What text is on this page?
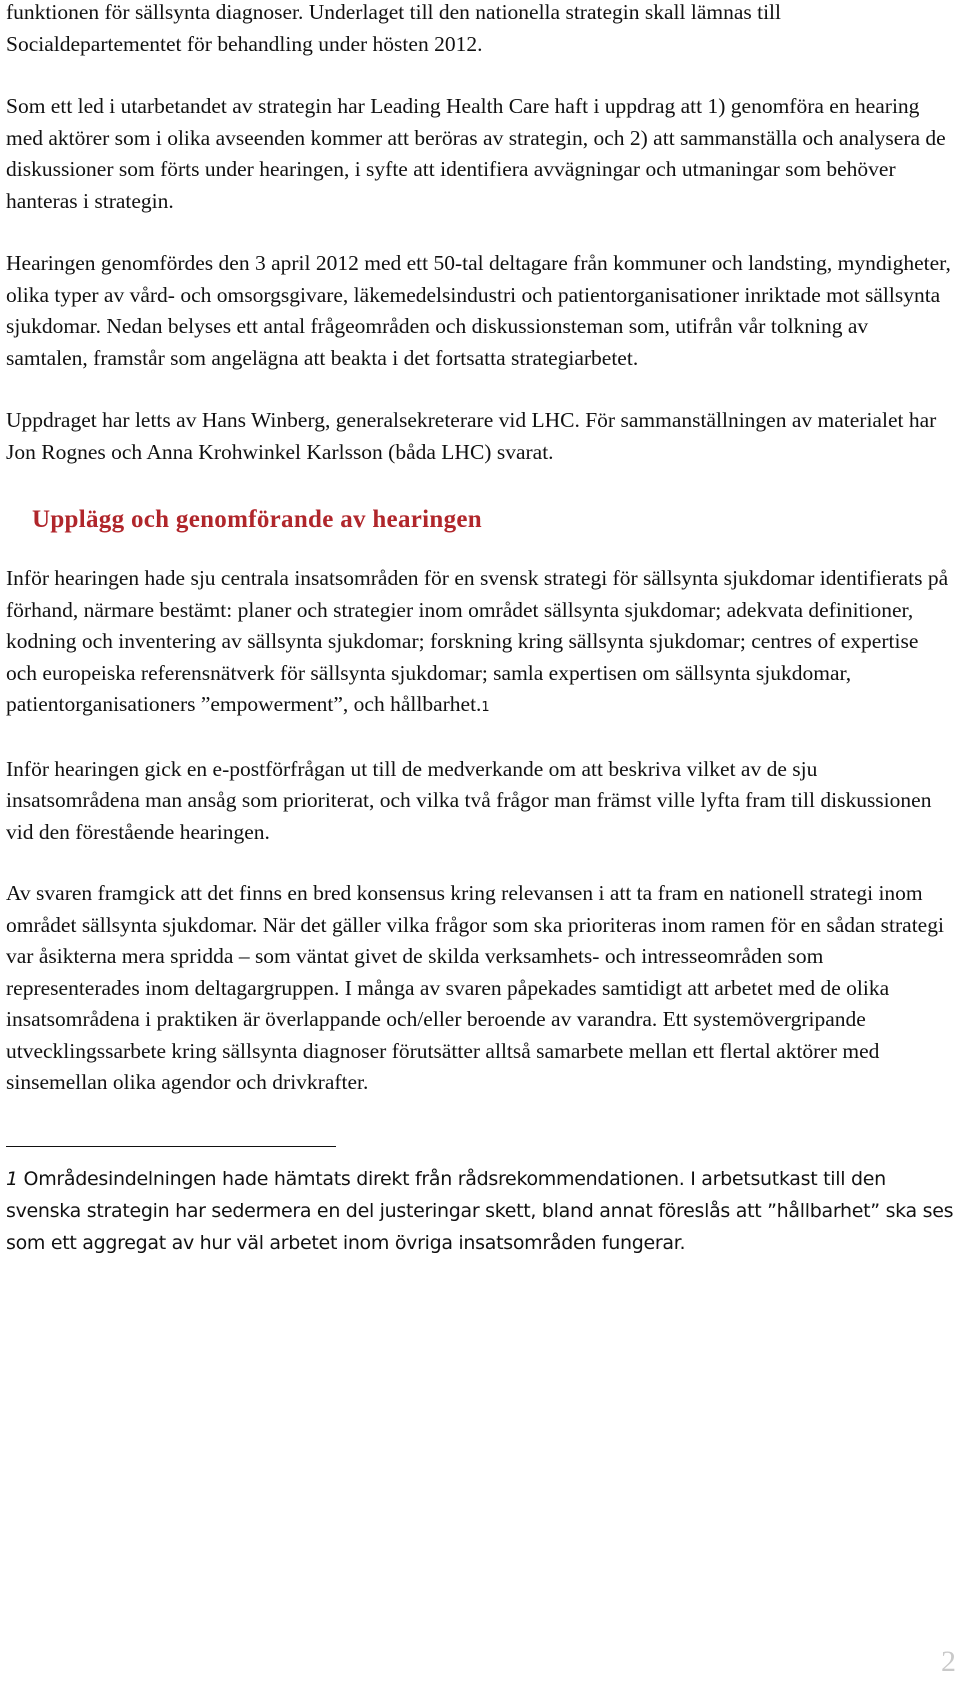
funktionen för sällsynta diagnoser. Underlaget till den nationella strategin skall lämnas till Socialdepartementet för behandling under hösten 2012.

Som ett led i utarbetandet av strategin har Leading Health Care haft i uppdrag att 1) genomföra en hearing med aktörer som i olika avseenden kommer att beröras av strategin, och 2) att sammanställa och analysera de diskussioner som förts under hearingen, i syfte att identifiera avvägningar och utmaningar som behöver hanteras i strategin.

Hearingen genomfördes den 3 april 2012 med ett 50-tal deltagare från kommuner och landsting, myndigheter, olika typer av vård- och omsorgsgivare, läkemedelsindustri och patientorganisationer inriktade mot sällsynta sjukdomar. Nedan belyses ett antal frågeområden och diskussionsteman som, utifrån vår tolkning av samtalen, framstår som angelägna att beakta i det fortsatta strategiarbetet.

Uppdraget har letts av Hans Winberg, generalsekreterare vid LHC. För sammanställningen av materialet har Jon Rognes och Anna Krohwinkel Karlsson (båda LHC) svarat.

Upplägg och genomförande av hearingen

Inför hearingen hade sju centrala insatsområden för en svensk strategi för sällsynta sjukdomar identifierats på förhand, närmare bestämt: planer och strategier inom området sällsynta sjukdomar; adekvata definitioner, kodning och inventering av sällsynta sjukdomar; forskning kring sällsynta sjukdomar; centres of expertise och europeiska referensnätverk för sällsynta sjukdomar; samla expertisen om sällsynta sjukdomar, patientorganisationers ”empowerment”, och hållbarhet.1

Inför hearingen gick en e-postförfrågan ut till de medverkande om att beskriva vilket av de sju insatsområdena man ansåg som prioriterat, och vilka två frågor man främst ville lyfta fram till diskussionen vid den förestående hearingen.

Av svaren framgick att det finns en bred konsensus kring relevansen i att ta fram en nationell strategi inom området sällsynta sjukdomar. När det gäller vilka frågor som ska prioriteras inom ramen för en sådan strategi var åsikterna mera spridda – som väntat givet de skilda verksamhets- och intresseområden som representerades inom deltagargruppen. I många av svaren påpekades samtidigt att arbetet med de olika insatsområdena i praktiken är överlappande och/eller beroende av varandra. Ett systemövergripande utvecklingssarbete kring sällsynta diagnoser förutsätter alltså samarbete mellan ett flertal aktörer med sinsemellan olika agendor och drivkrafter.

1 Områdesindelningen hade hämtats direkt från rådsrekommendationen. I arbetsutkast till den svenska strategin har sedermera en del justeringar skett, bland annat föreslås att ”hållbarhet” ska ses som ett aggregat av hur väl arbetet inom övriga insatsområden fungerar.

2
